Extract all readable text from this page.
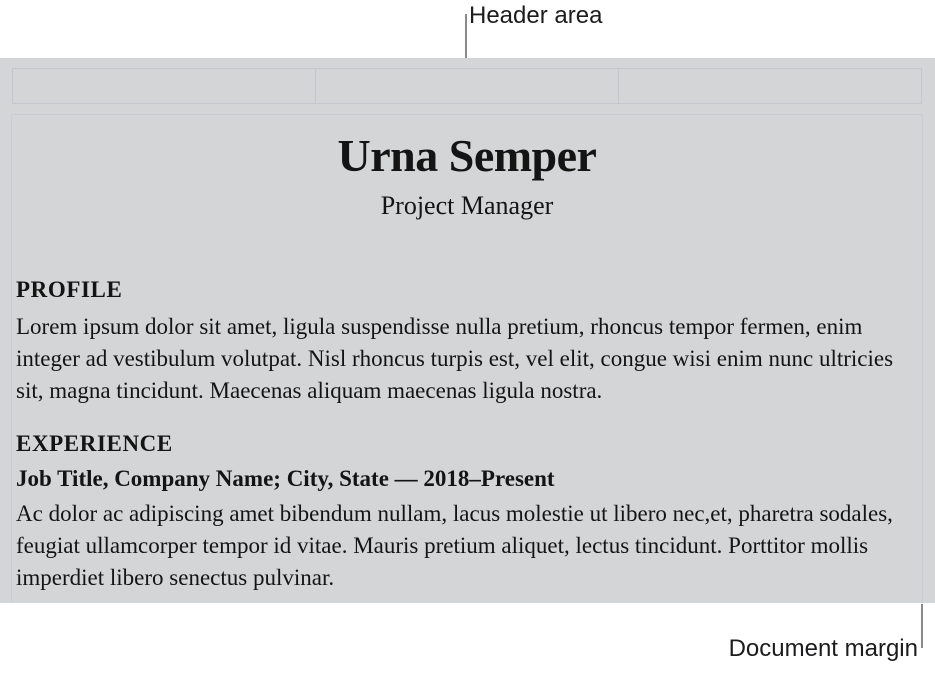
Header area
Urna Semper
Project Manager
PROFILE
Lorem ipsum dolor sit amet, ligula suspendisse nulla pretium, rhoncus tempor fermen, enim integer ad vestibulum volutpat. Nisl rhoncus turpis est, vel elit, congue wisi enim nunc ultricies sit, magna tincidunt. Maecenas aliquam maecenas ligula nostra.
EXPERIENCE
Job Title, Company Name; City, State — 2018–Present
Ac dolor ac adipiscing amet bibendum nullam, lacus molestie ut libero nec,et, pharetra sodales, feugiat ullamcorper tempor id vitae. Mauris pretium aliquet, lectus tincidunt. Porttitor mollis imperdiet libero senectus pulvinar.
Document margin
